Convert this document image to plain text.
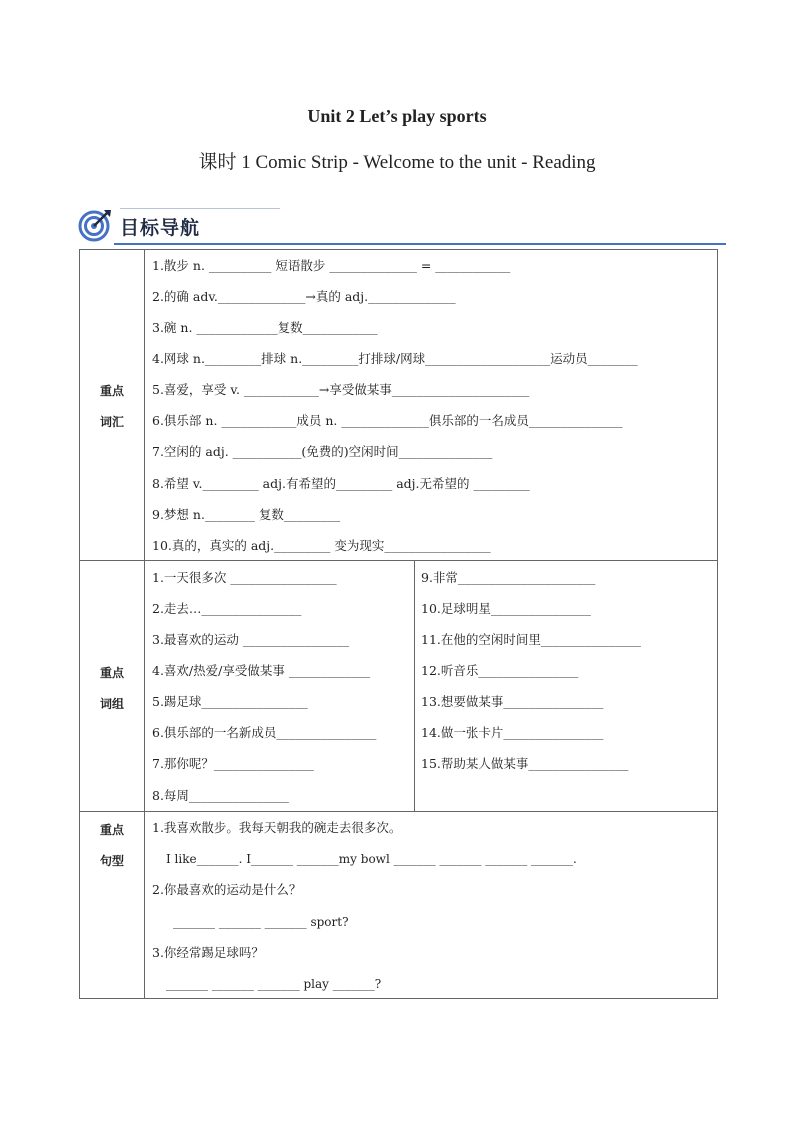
Unit 2 Let’s play sports
课时 1 Comic Strip - Welcome to the unit - Reading
目标导航
重点
词汇
1.散步 n. __________ 短语散步 ______________ = ____________
2.的确 adv.______________→真的 adj.______________
3.碗 n. _____________复数____________
4.网球 n._________排球 n._________打排球/网球____________________运动员________
5.喜爱，享受 v. ____________→享受做某事______________________
6.俱乐部 n. ____________成员 n. ______________俱乐部的一名成员_______________
7.空闲的 adj. ___________(免费的)空闲时间_______________
8.希望 v._________ adj.有希望的_________ adj.无希望的 _________
9.梦想 n.________ 复数_________
10.真的，真实的 adj._________ 变为现实_________________
重点
词组
1.一天很多次 _________________
2.走去…________________
3.最喜欢的运动 _________________
4.喜欢/热爱/享受做某事 _____________
5.踢足球_________________
6.俱乐部的一名新成员________________
7.那你呢？________________
8.每周________________
9.非常______________________
10.足球明星________________
11.在他的空闲时间里________________
12.听音乐________________
13.想要做某事________________
14.做一张卡片________________
15.帮助某人做某事________________
重点
句型
1.我喜欢散步。我每天朝我的碗走去很多次。
I like_______. I_______ _______my bowl _______ _______ _______ _______.
2.你最喜欢的运动是什么？
_______ _______ _______ sport?
3.你经常踢足球吗？
_______ _______ _______ play _______?
